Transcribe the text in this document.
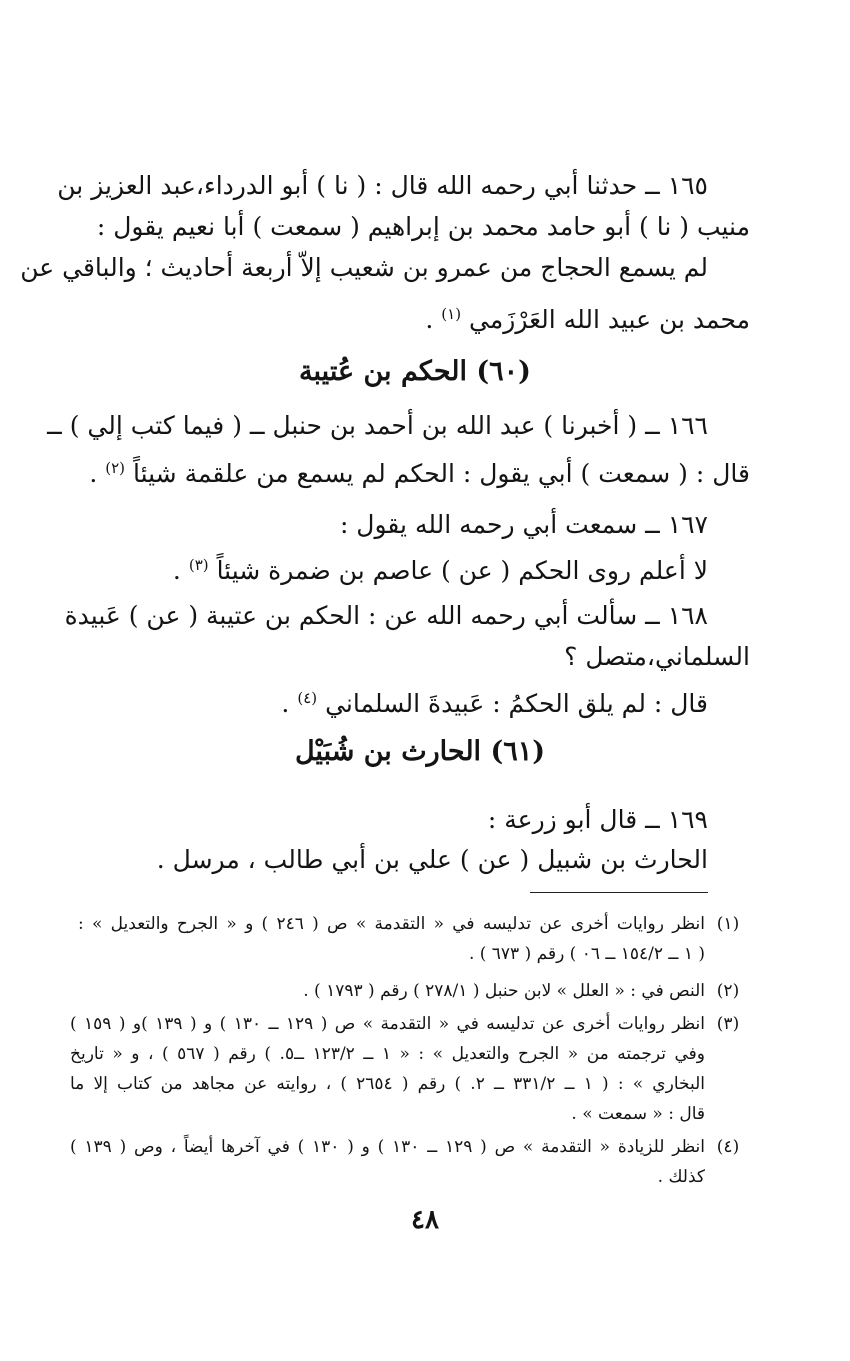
١٦٥ ــ حدثنا أبي رحمه الله قال : ( نا ) أبو الدرداء،عبد العزيز بن
منيب ( نا ) أبو حامد محمد بن إبراهيم ( سمعت ) أبا نعيم يقول :
لم يسمع الحجاج من عمرو بن شعيب إلاّ أربعة أحاديث ؛ والباقي عن
محمد بن عبيد الله العَرْزَمي $^{(١)}$ .
(٦٠) الحكم بن عُتيبة
١٦٦ ــ ( أخبرنا ) عبد الله بن أحمد بن حنبل ــ ( فيما كتب إلي ) ــ
قال : ( سمعت ) أبي يقول : الحكم لم يسمع من علقمة شيئاً $^{(٢)}$ .
١٦٧ ــ سمعت أبي رحمه الله يقول :
لا أعلم روى الحكم ( عن ) عاصم بن ضمرة شيئاً $^{(٣)}$ .
١٦٨ ــ سألت أبي رحمه الله عن : الحكم بن عتيبة ( عن ) عَبيدة
السلماني،متصل ؟
قال : لم يلق الحكمُ : عَبيدةَ السلماني $^{(٤)}$ .
(٦١) الحارث بن شُبَيْل
١٦٩ ــ قال أبو زرعة :
الحارث بن شبيل ( عن ) علي بن أبي طالب ، مرسل .
(١)
انظر روايات أخرى عن تدليسه في « التقدمة » ص ( ٢٤٦ ) و « الجرح والتعديل » :
( ١ ــ ١٥٤/٢ ــ ٠٦ ) رقم ( ٦٧٣ ) .
(٢)
النص في : « العلل » لابن حنبل ( ٢٧٨/١ ) رقم ( ١٧٩٣ ) .
(٣)
انظر روايات أخرى عن تدليسه في « التقدمة » ص ( ١٢٩ ــ ١٣٠ ) و ( ١٣٩ )و ( ١٥٩ )
وفي ترجمته من « الجرح والتعديل » : « ١ ــ ١٢٣/٢ ــ٥. ) رقم ( ٥٦٧ ) ، و « تاريخ
البخاري » : ( ١ ــ ٣٣١/٢ ــ ٢. ) رقم ( ٢٦٥٤ ) ، روايته عن مجاهد من كتاب إلا ما
قال : « سمعت » .
(٤)
انظر للزيادة « التقدمة » ص ( ١٢٩ ــ ١٣٠ ) و ( ١٣٠ ) في آخرها أيضاً ، وص ( ١٣٩ )
كذلك .
٤٨
